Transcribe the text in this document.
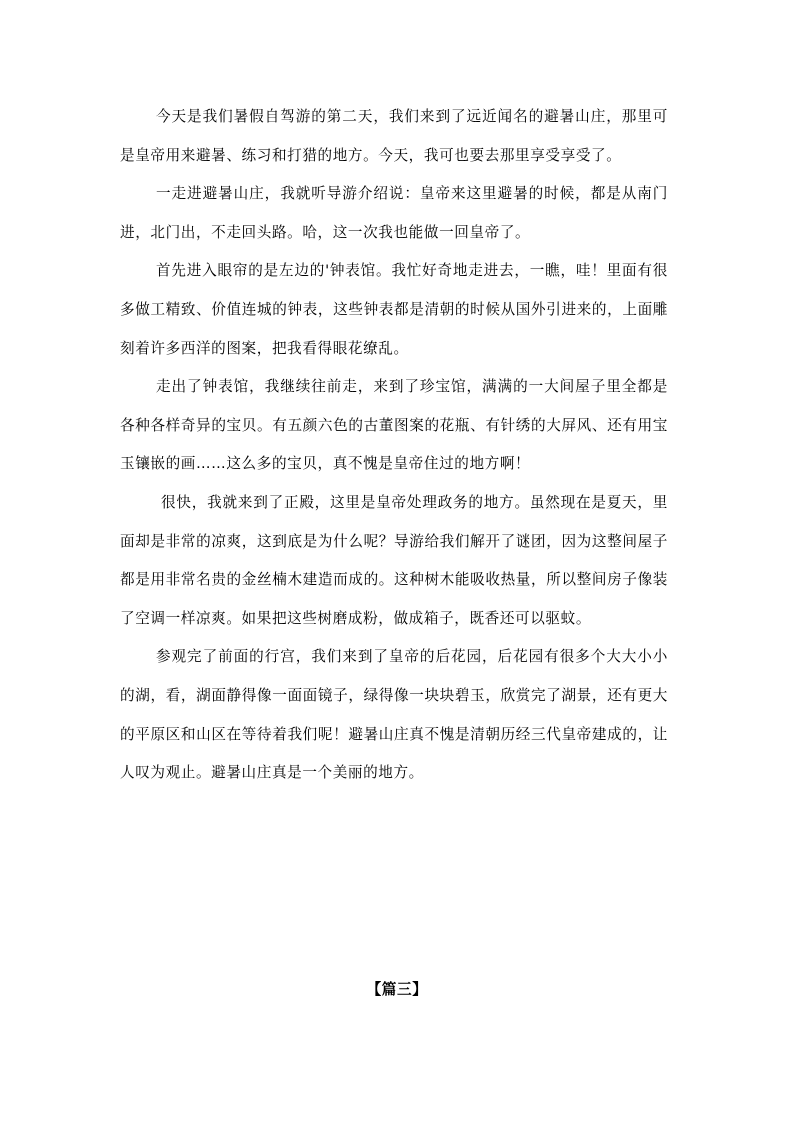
今天是我们暑假自驾游的第二天，我们来到了远近闻名的避暑山庄，那里可是皇帝用来避暑、练习和打猎的地方。今天，我可也要去那里享受享受了。

一走进避暑山庄，我就听导游介绍说：皇帝来这里避暑的时候，都是从南门进，北门出，不走回头路。哈，这一次我也能做一回皇帝了。

首先进入眼帘的是左边的'钟表馆。我忙好奇地走进去，一瞧，哇！里面有很多做工精致、价值连城的钟表，这些钟表都是清朝的时候从国外引进来的，上面雕刻着许多西洋的图案，把我看得眼花缭乱。

走出了钟表馆，我继续往前走，来到了珍宝馆，满满的一大间屋子里全都是各种各样奇异的宝贝。有五颜六色的古董图案的花瓶、有针绣的大屏风、还有用宝玉镶嵌的画……这么多的宝贝，真不愧是皇帝住过的地方啊！

很快，我就来到了正殿，这里是皇帝处理政务的地方。虽然现在是夏天，里面却是非常的凉爽，这到底是为什么呢？导游给我们解开了谜团，因为这整间屋子都是用非常名贵的金丝楠木建造而成的。这种树木能吸收热量，所以整间房子像装了空调一样凉爽。如果把这些树磨成粉，做成箱子，既香还可以驱蚊。

参观完了前面的行宫，我们来到了皇帝的后花园，后花园有很多个大大小小的湖，看，湖面静得像一面面镜子，绿得像一块块碧玉，欣赏完了湖景，还有更大的平原区和山区在等待着我们呢！避暑山庄真不愧是清朝历经三代皇帝建成的，让人叹为观止。避暑山庄真是一个美丽的地方。

【篇三】
